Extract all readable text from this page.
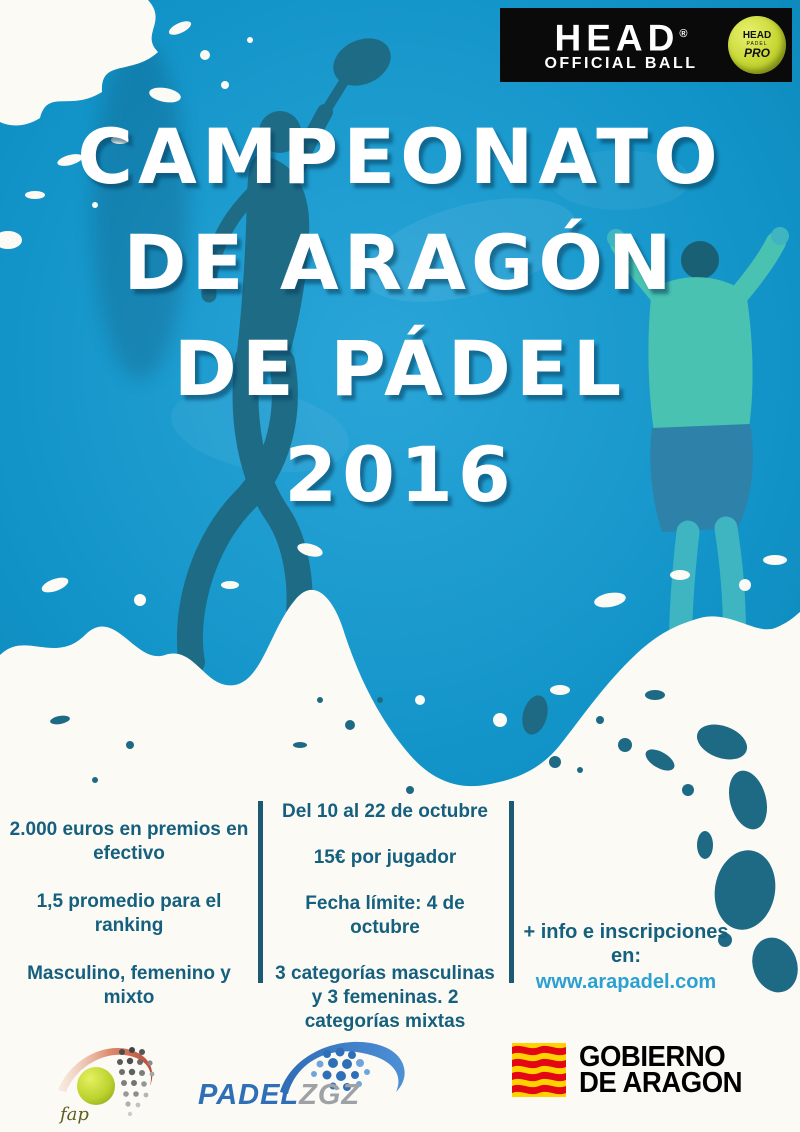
HEAD®
OFFICIAL BALL
HEAD
PADEL
PRO
CAMPEONATO
DE ARAGÓN
DE PÁDEL
2016

2.000 euros en premios en efectivo

1,5 promedio para el ranking

Masculino, femenino y mixto

Del 10 al 22 de octubre

15€ por jugador

Fecha límite: 4 de octubre

3 categorías masculinas y 3 femeninas. 2 categorías mixtas

+ info e inscripciones en:

www.arapadel.com

fap
PADELZGZ
GOBIERNO
DE ARAGON
